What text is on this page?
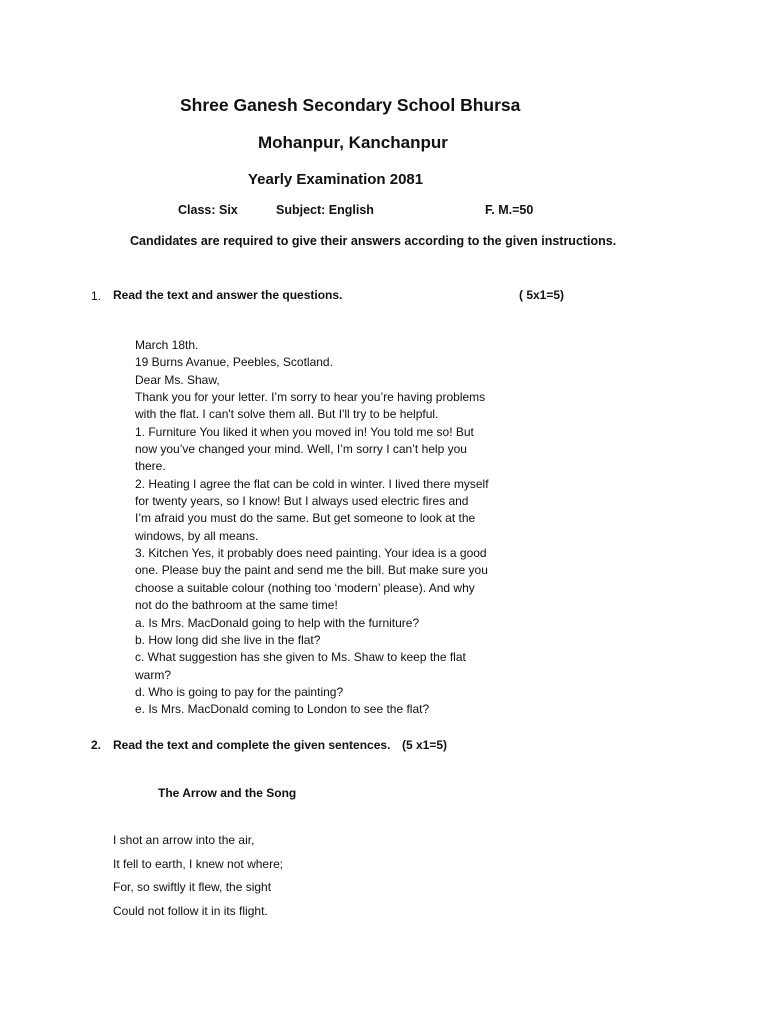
Shree Ganesh Secondary School Bhursa
Mohanpur, Kanchanpur
Yearly Examination 2081
Class: Six	Subject: English	F. M.=50
Candidates are required to give their answers according to the given instructions.
1. Read the text and answer the questions.	( 5x1=5)
March 18th.
19 Burns Avanue, Peebles, Scotland.
Dear Ms. Shaw,
Thank you for your letter. I’m sorry to hear you’re having problems
with the flat. I can't solve them all. But I'll try to be helpful.
1. Furniture You liked it when you moved in! You told me so! But
now you’ve changed your mind. Well, I’m sorry I can’t help you
there.
2. Heating I agree the flat can be cold in winter. I lived there myself
for twenty years, so I know! But I always used electric fires and
I’m afraid you must do the same. But get someone to look at the
windows, by all means.
3. Kitchen Yes, it probably does need painting. Your idea is a good
one. Please buy the paint and send me the bill. But make sure you
choose a suitable colour (nothing too ‘modern’ please). And why
not do the bathroom at the same time!
a. Is Mrs. MacDonald going to help with the furniture?
b. How long did she live in the flat?
c. What suggestion has she given to Ms. Shaw to keep the flat
warm?
d. Who is going to pay for the painting?
e. Is Mrs. MacDonald coming to London to see the flat?
2. Read the text and complete the given sentences. (5 x1=5)
The Arrow and the Song
I shot an arrow into the air,
It fell to earth, I knew not where;
For, so swiftly it flew, the sight
Could not follow it in its flight.
